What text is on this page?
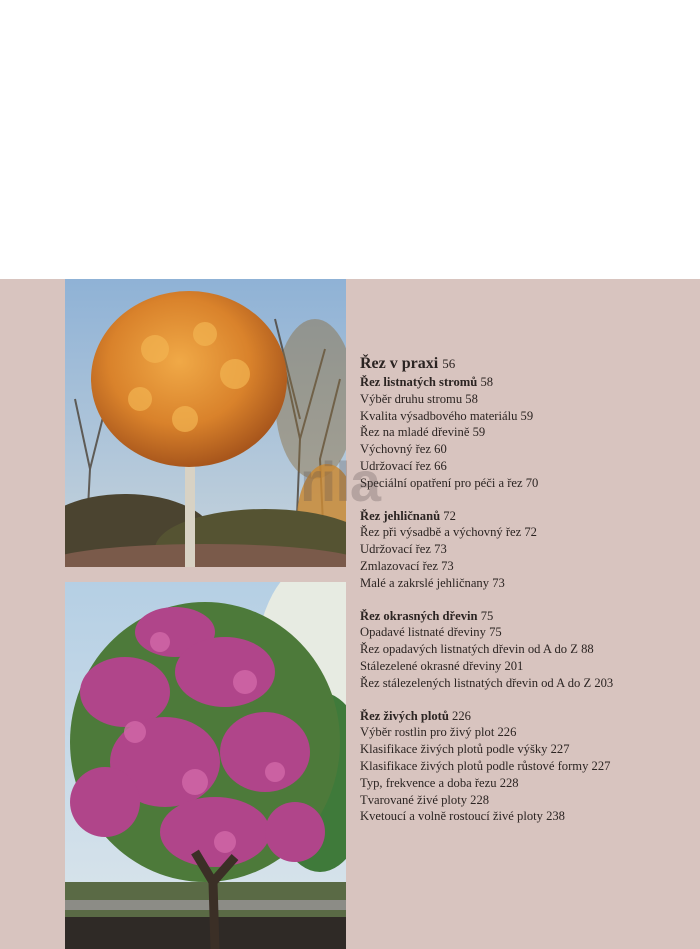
Řez v praxi 56
Řez listnatých stromů 58
Výběr druhu stromu 58
Kvalita výsadbového materiálu 59
Řez na mladé dřevině 59
Výchovný řez 60
Udržovací řez 66
Speciální opatření pro péči a řez 70
Řez jehličnanů 72
Řez při výsadbě a výchovný řez 72
Udržovací řez 73
Zmlazovací řez 73
Malé a zakrslé jehličnany 73
Řez okrasných dřevin 75
Opadavé listnaté dřeviny 75
Řez opadavých listnatých dřevin od A do Z 88
Stálezelené okrasné dřeviny 201
Řez stálezelených listnatých dřevin od A do Z 203
Řez živých plotů 226
Výběr rostlin pro živý plot 226
Klasifikace živých plotů podle výšky 227
Klasifikace živých plotů podle růstové formy 227
Typ, frekvence a doba řezu 228
Tvarované živé ploty 228
Kvetoucí a volně rostoucí živé ploty 238
rila
